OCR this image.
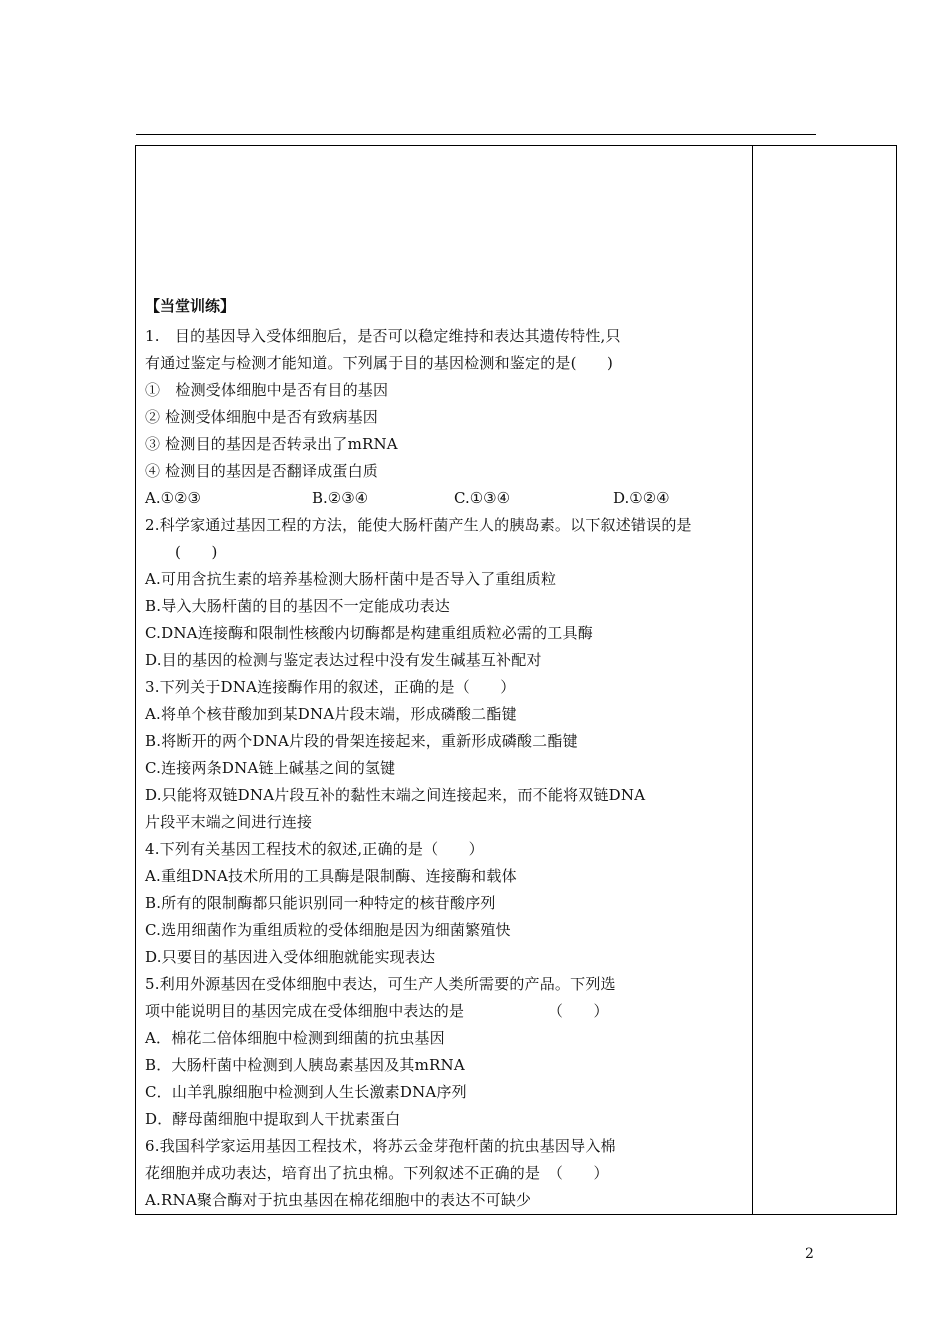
【当堂训练】
1.　目的基因导入受体细胞后，是否可以稳定维持和表达其遗传特性,只
有通过鉴定与检测才能知道。下列属于目的基因检测和鉴定的是(　　)
①　检测受体细胞中是否有目的基因
② 检测受体细胞中是否有致病基因
③ 检测目的基因是否转录出了mRNA
④ 检测目的基因是否翻译成蛋白质
A.①②③	B.②③④	C.①③④	D.①②④
2.科学家通过基因工程的方法，能使大肠杆菌产生人的胰岛素。以下叙述错误的是
(　　)
A.可用含抗生素的培养基检测大肠杆菌中是否导入了重组质粒
B.导入大肠杆菌的目的基因不一定能成功表达
C.DNA连接酶和限制性核酸内切酶都是构建重组质粒必需的工具酶
D.目的基因的检测与鉴定表达过程中没有发生碱基互补配对
3.下列关于DNA连接酶作用的叙述，正确的是（　　）
A.将单个核苷酸加到某DNA片段末端，形成磷酸二酯键
B.将断开的两个DNA片段的骨架连接起来，重新形成磷酸二酯键
C.连接两条DNA链上碱基之间的氢键
D.只能将双链DNA片段互补的黏性末端之间连接起来，而不能将双链DNA
片段平末端之间进行连接
4.下列有关基因工程技术的叙述,正确的是（　　）
A.重组DNA技术所用的工具酶是限制酶、连接酶和载体
B.所有的限制酶都只能识别同一种特定的核苷酸序列
C.选用细菌作为重组质粒的受体细胞是因为细菌繁殖快
D.只要目的基因进入受体细胞就能实现表达
5.利用外源基因在受体细胞中表达，可生产人类所需要的产品。下列选
项中能说明目的基因完成在受体细胞中表达的是　　　　　　（　　）
A．棉花二倍体细胞中检测到细菌的抗虫基因
B．大肠杆菌中检测到人胰岛素基因及其mRNA
C．山羊乳腺细胞中检测到人生长激素DNA序列
D．酵母菌细胞中提取到人干扰素蛋白
6.我国科学家运用基因工程技术，将苏云金芽孢杆菌的抗虫基因导入棉
花细胞并成功表达，培育出了抗虫棉。下列叙述不正确的是　（　　）
A.RNA聚合酶对于抗虫基因在棉花细胞中的表达不可缺少
2
